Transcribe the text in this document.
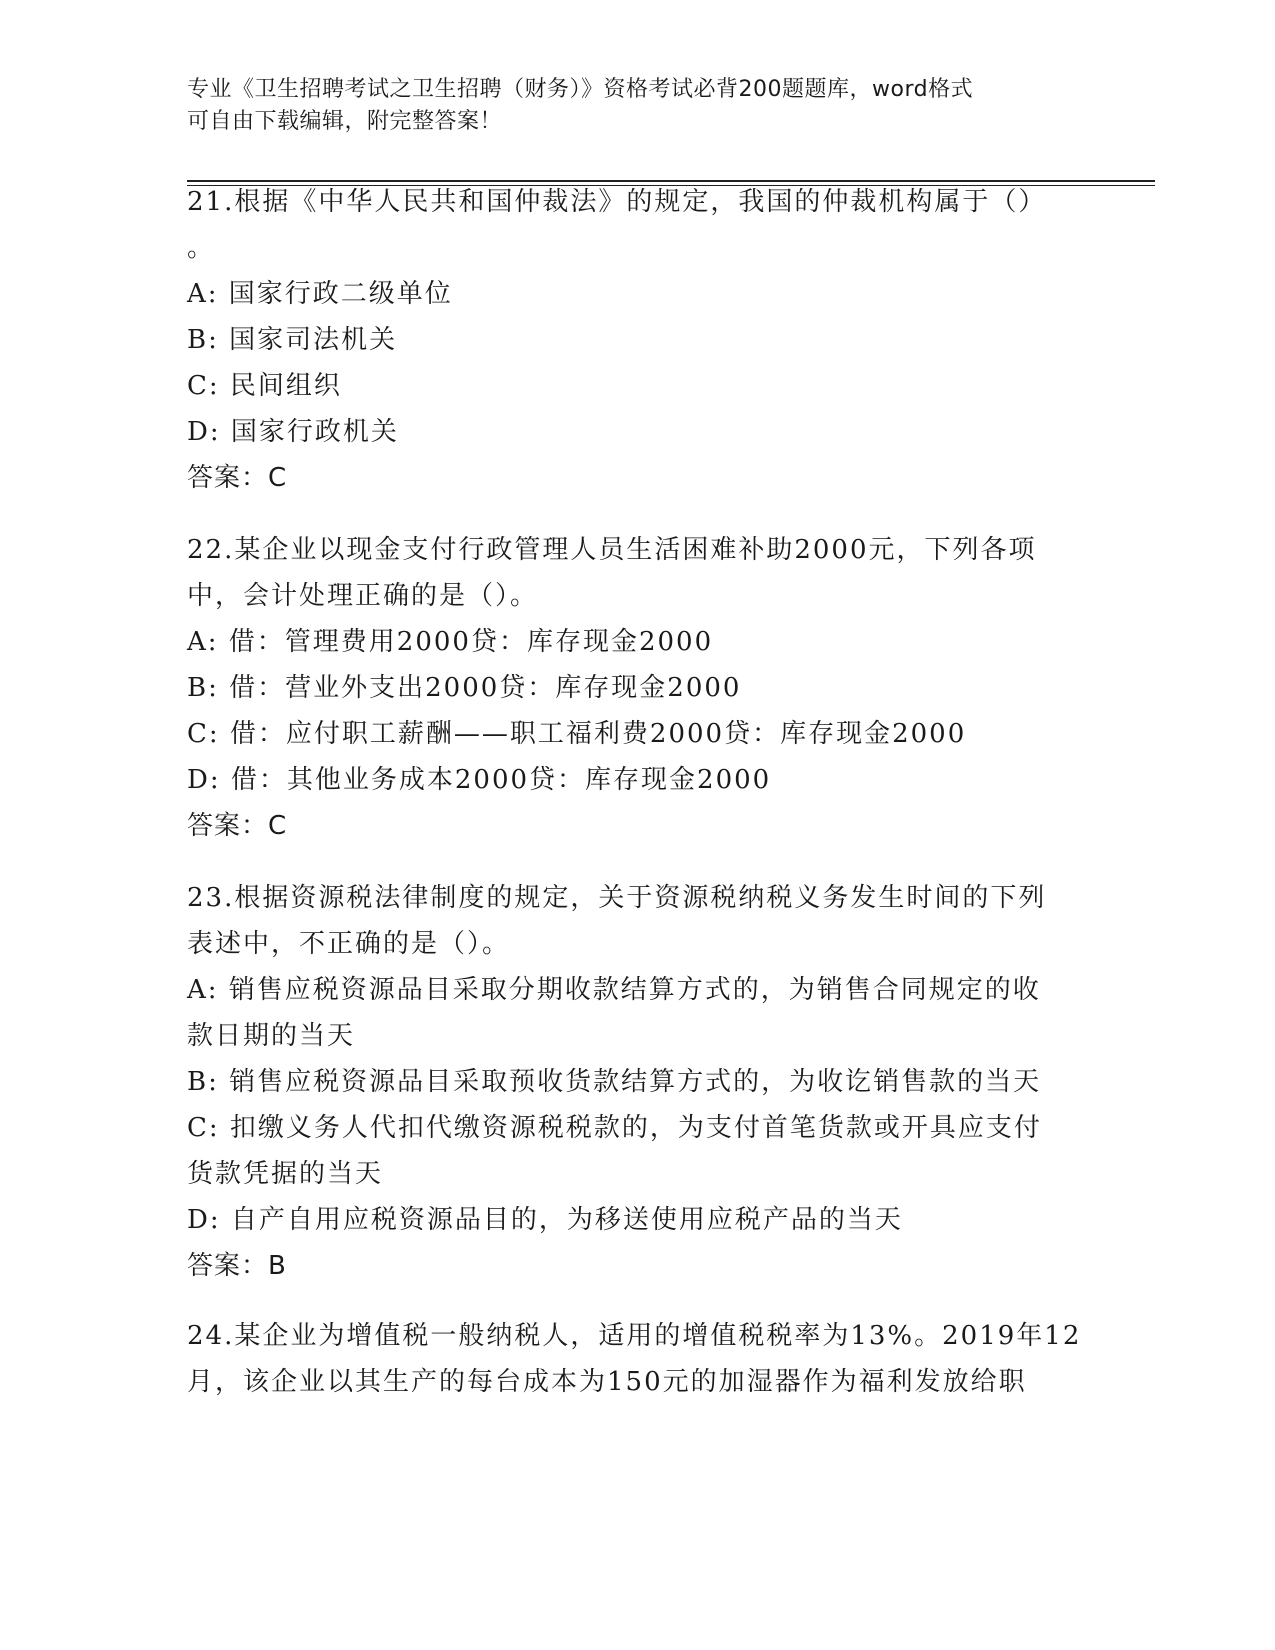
专业《卫生招聘考试之卫生招聘（财务）》资格考试必背200题题库，word格式
可自由下载编辑，附完整答案！
21.根据《中华人民共和国仲裁法》的规定，我国的仲裁机构属于（）
。
A: 国家行政二级单位
B: 国家司法机关
C: 民间组织
D: 国家行政机关
答案：C
22.某企业以现金支付行政管理人员生活困难补助2000元，下列各项
中，会计处理正确的是（）。
A: 借：管理费用2000贷：库存现金2000
B: 借：营业外支出2000贷：库存现金2000
C: 借：应付职工薪酬——职工福利费2000贷：库存现金2000
D: 借：其他业务成本2000贷：库存现金2000
答案：C
23.根据资源税法律制度的规定，关于资源税纳税义务发生时间的下列
表述中，不正确的是（）。
A: 销售应税资源品目采取分期收款结算方式的，为销售合同规定的收
款日期的当天
B: 销售应税资源品目采取预收货款结算方式的，为收讫销售款的当天
C: 扣缴义务人代扣代缴资源税税款的，为支付首笔货款或开具应支付
货款凭据的当天
D: 自产自用应税资源品目的，为移送使用应税产品的当天
答案：B
24.某企业为增值税一般纳税人，适用的增值税税率为13%。2019年12
月，该企业以其生产的每台成本为150元的加湿器作为福利发放给职
